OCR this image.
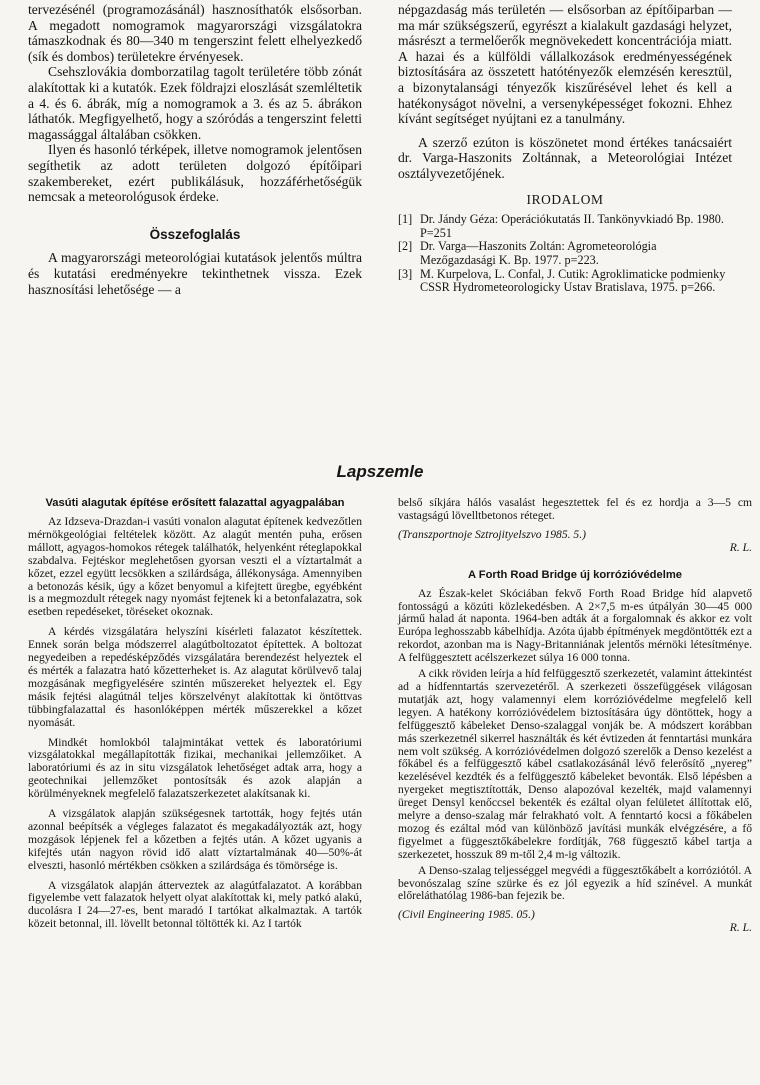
tervezésénél (programozásánál) hasznosíthatók elsősorban. A megadott nomogramok magyarországi vizsgálatokra támaszkodnak és 80—340 m tengerszint felett elhelyezkedő (sík és dombos) területekre érvényesek.

Csehszlovákia domborzatilag tagolt területére több zónát alakítottak ki a kutatók. Ezek földrajzi eloszlását szemléltetik a 4. és 6. ábrák, míg a nomogramok a 3. és az 5. ábrákon láthatók. Megfigyelhető, hogy a szóródás a tengerszint feletti magassággal általában csökken.

Ilyen és hasonló térképek, illetve nomogramok jelentősen segíthetik az adott területen dolgozó építőipari szakembereket, ezért publikálásuk, hozzáférhetőségük nemcsak a meteorológusok érdeke.

Összefoglalás

A magyarországi meteorológiai kutatások jelentős múltra és kutatási eredményekre tekinthetnek vissza. Ezek hasznosítási lehetősége — a

népgazdaság más területén — elsősorban az építőiparban — ma már szükségszerű, egyrészt a kialakult gazdasági helyzet, másrészt a termelőerők megnövekedett koncentrációja miatt. A hazai és a külföldi vállalkozások eredményességének biztosítására az összetett hatótényezők elemzésén keresztül, a bizonytalansági tényezők kiszűrésével lehet és kell a hatékonyságot növelni, a versenyképességet fokozni. Ehhez kívánt segítséget nyújtani ez a tanulmány.

A szerző ezúton is köszönetet mond értékes tanácsaiért dr. Varga-Haszonits Zoltánnak, a Meteorológiai Intézet osztályvezetőjének.

IRODALOM
[1] Dr. Jándy Géza: Operációkutatás II. Tankönyvkiadó Bp. 1980. P=251
[2] Dr. Varga—Haszonits Zoltán: Agrometeorológia Mezőgazdasági K. Bp. 1977. p=223.
[3] M. Kurpelova, L. Confal, J. Cutik: Agroklimaticke podmienky CSSR Hydrometeorologicky Ustav Bratislava, 1975. p=266.
Lapszemle
Vasúti alagutak építése erősített falazattal agyagpalában

Az Idzseva-Drazdan-i vasúti vonalon alagutat építenek kedvezőtlen mérnökgeológiai feltételek között. Az alagút mentén puha, erősen mállott, agyagos-homokos rétegek találhatók, helyenként réteglapokkal szabdalva. Fejtéskor meglehetősen gyorsan veszti el a víztartalmát a kőzet, ezzel együtt lecsökken a szilárdsága, állékonysága. Amennyiben a betonozás késik, úgy a kőzet benyomul a kifejtett üregbe, egyébként is a megmozdult rétegek nagy nyomást fejtenek ki a betonfalazatra, sok esetben repedéseket, töréseket okoznak.

A kérdés vizsgálatára helyszíni kísérleti falazatot készítettek. Ennek során belga módszerrel alagútboltozatot építettek. A boltozat negyedeiben a repedésképződés vizsgálatára berendezést helyeztek el és mérték a falazatra ható kőzetterheket is. Az alagutat körülvevő talaj mozgásának megfigyelésére szintén műszereket helyeztek el. Egy másik fejtési alagútnál teljes körszelvényt alakítottak ki öntöttvas tübbingfalazattal és hasonlóképpen mérték műszerekkel a kőzet nyomását.

Mindkét homlokból talajmintákat vettek és laboratóriumi vizsgálatokkal megállapították fizikai, mechanikai jellemzőiket. A laboratóriumi és az in situ vizsgálatok lehetőséget adtak arra, hogy a geotechnikai jellemzőket pontosítsák és azok alapján a körülményeknek megfelelő falazatszerkezetet alakítsanak ki.

A vizsgálatok alapján szükségesnek tartották, hogy fejtés után azonnal beépítsék a végleges falazatot és megakadályozták azt, hogy mozgások lépjenek fel a kőzetben a fejtés után. A kőzet ugyanis a kifejtés után nagyon rövid idő alatt víztartalmának 40—50%-át elveszti, hasonló mértékben csökken a szilárdsága és tömörsége is.

A vizsgálatok alapján átterveztek az alagútfalazatot. A korábban figyelembe vett falazatok helyett olyat alakítottak ki, mely patkó alakú, ducolásra I 24—27-es, bent maradó I tartókat alkalmaztak. A tartók közeit betonnal, ill. lövellt betonnal töltötték ki. Az I tartók

belső síkjára hálós vasalást hegesztettek fel és ez hordja a 3—5 cm vastagságú lövelltbetonos réteget.

(Transzportnoje Sztrojityelszvo 1985. 5.)
R. L.
A Forth Road Bridge új korrózióvédelme

Az Észak-kelet Skóciában fekvő Forth Road Bridge híd alapvető fontosságú a közúti közlekedésben. A 2×7,5 m-es útpályán 30—45 000 jármű halad át naponta. 1964-ben adták át a forgalomnak és akkor ez volt Európa leghosszabb kábelhídja. Azóta újabb építmények megdöntötték ezt a rekordot, azonban ma is Nagy-Britanniának jelentős mérnöki létesítménye. A felfüggesztett acélszerkezet súlya 16 000 tonna.

A cikk röviden leírja a híd felfüggesztő szerkezetét, valamint áttekintést ad a hídfenntartás szervezetéről. A szerkezeti összefüggések világosan mutatják azt, hogy valamennyi elem korrózióvédelme megfelelő kell legyen. A hatékony korrózióvédelem biztosítására úgy döntöttek, hogy a felfüggesztő kábeleket Denso-szalaggal vonják be. A módszert korábban más szerkezetnél sikerrel használták és két évtizeden át fenntartási munkára nem volt szükség. A korrózióvédelmen dolgozó szerelők a Denso kezelést a főkábel és a felfüggesztő kábel csatlakozásánál lévő felerősítő „nyereg” kezelésével kezdték és a felfüggesztő kábeleket bevonták. Első lépésben a nyergeket megtisztították, Denso alapozóval kezelték, majd valamennyi üreget Densyl kenőccsel bekenték és ezáltal olyan felületet állítottak elő, melyre a denso-szalag már felrakható volt. A fenntartó kocsi a főkábelen mozog és ezáltal mód van különböző javítási munkák elvégzésére, a fő figyelmet a függesztőkábelekre fordítják, 768 függesztő kábel tartja a szerkezetet, hosszuk 89 m-től 2,4 m-ig változik.

A Denso-szalag teljességgel megvédi a függesztőkábelt a korróziótól. A bevonószalag színe szürke és ez jól egyezik a híd színével. A munkát előreláthatólag 1986-ban fejezik be.

(Civil Engineering 1985. 05.)
R. L.
